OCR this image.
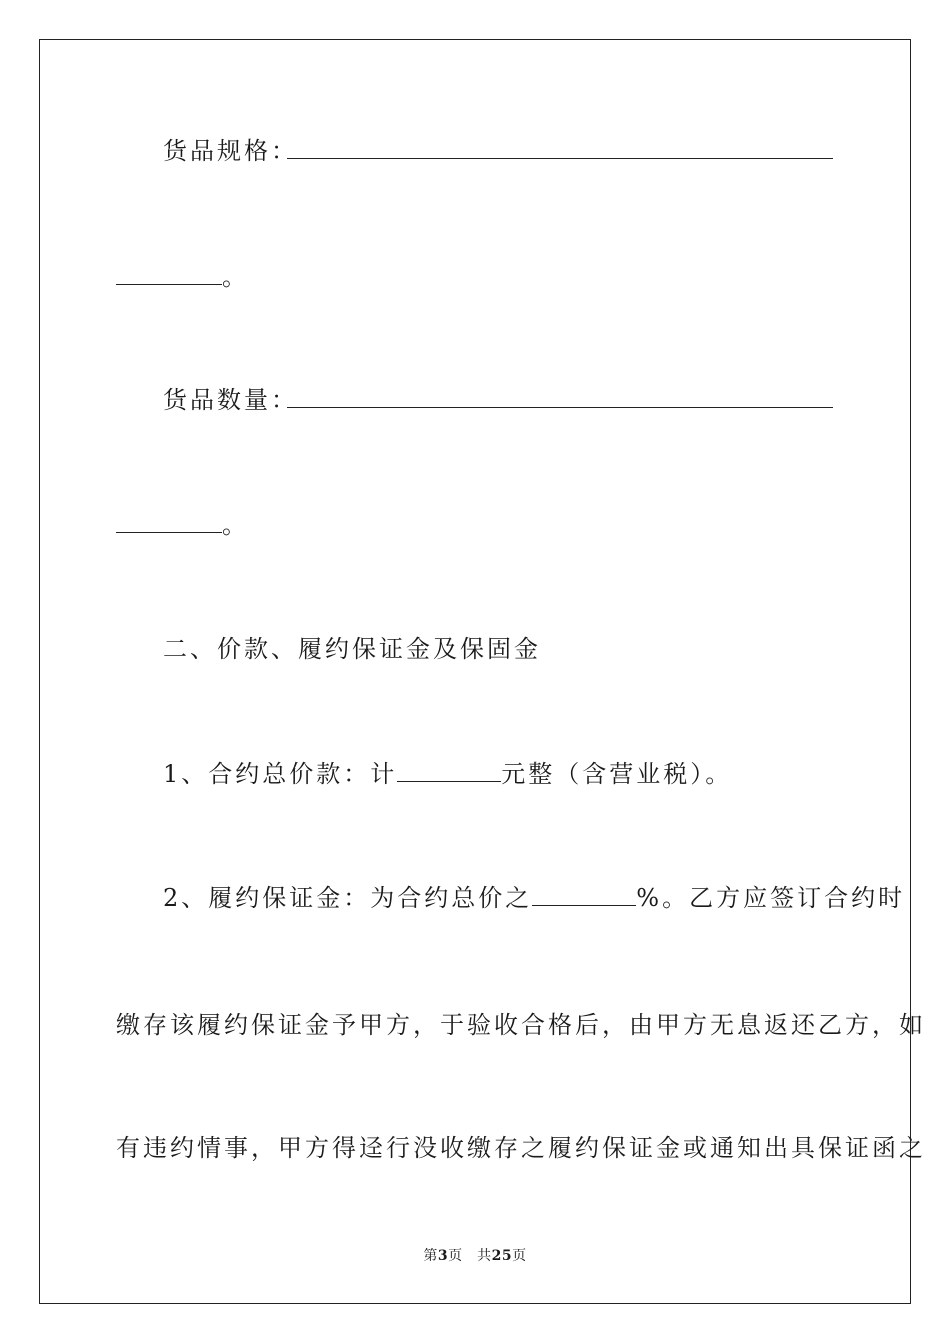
货品规格：
。
货品数量：
。
二、价款、履约保证金及保固金
1、合约总价款：计	元整（含营业税）。
2、履约保证金：为合约总价之	%。乙方应签订合约时
缴存该履约保证金予甲方，于验收合格后，由甲方无息返还乙方，如
有违约情事，甲方得迳行没收缴存之履约保证金或通知出具保证函之
第3页　共25页
